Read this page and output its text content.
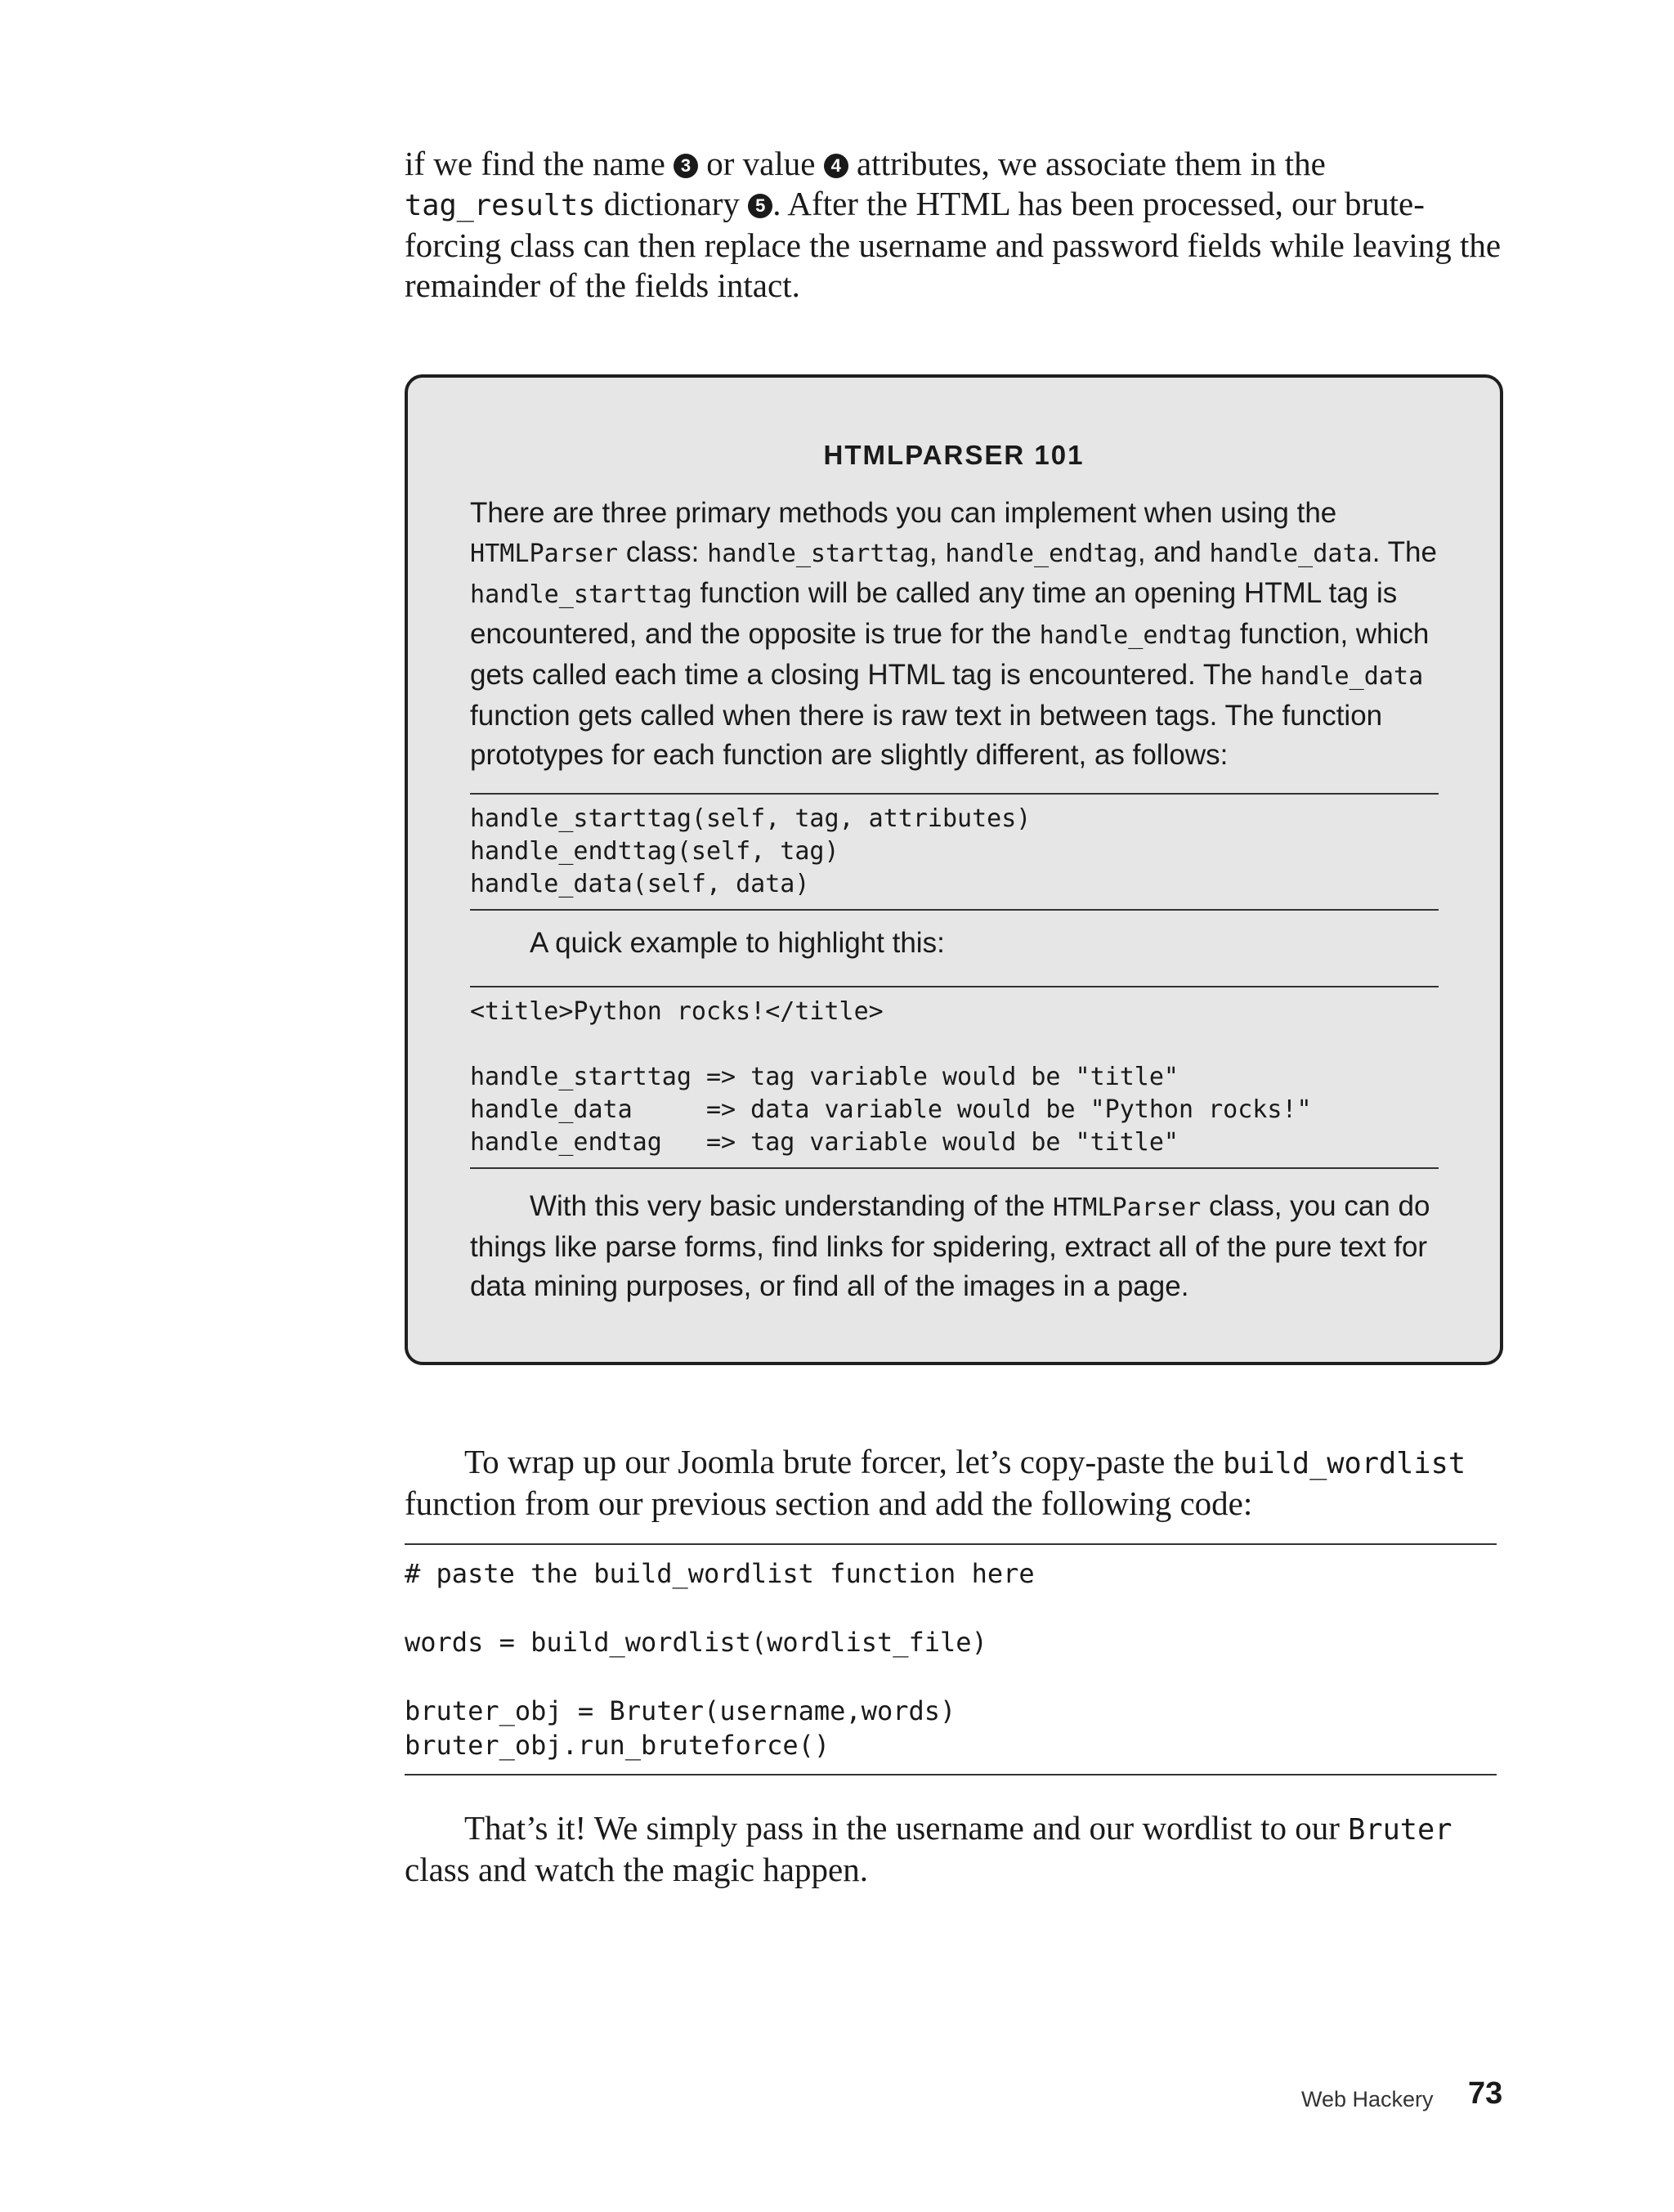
if we find the name 3 or value 4 attributes, we associate them in the tag_results dictionary 5 . After the HTML has been processed, our brute-forcing class can then replace the username and password fields while leaving the remainder of the fields intact.

HTMLPARSER 101

There are three primary methods you can implement when using the HTMLParser class: handle_starttag, handle_endtag, and handle_data. The handle_starttag function will be called any time an opening HTML tag is encountered, and the opposite is true for the handle_endtag function, which gets called each time a closing HTML tag is encountered. The handle_data function gets called when there is raw text in between tags. The function prototypes for each function are slightly different, as follows:

handle_starttag(self, tag, attributes)
handle_endttag(self, tag)
handle_data(self, data)

A quick example to highlight this:

<title>Python rocks!</title>
handle_starttag => tag variable would be "title"
handle_data     => data variable would be "Python rocks!"
handle_endtag   => tag variable would be "title"

With this very basic understanding of the HTMLParser class, you can do things like parse forms, find links for spidering, extract all of the pure text for data mining purposes, or find all of the images in a page.

To wrap up our Joomla brute forcer, let’s copy-paste the build_wordlist function from our previous section and add the following code:

# paste the build_wordlist function here
words = build_wordlist(wordlist_file)
bruter_obj = Bruter(username,words)
bruter_obj.run_bruteforce()

That’s it! We simply pass in the username and our wordlist to our Bruter class and watch the magic happen.

Web Hackery 73
